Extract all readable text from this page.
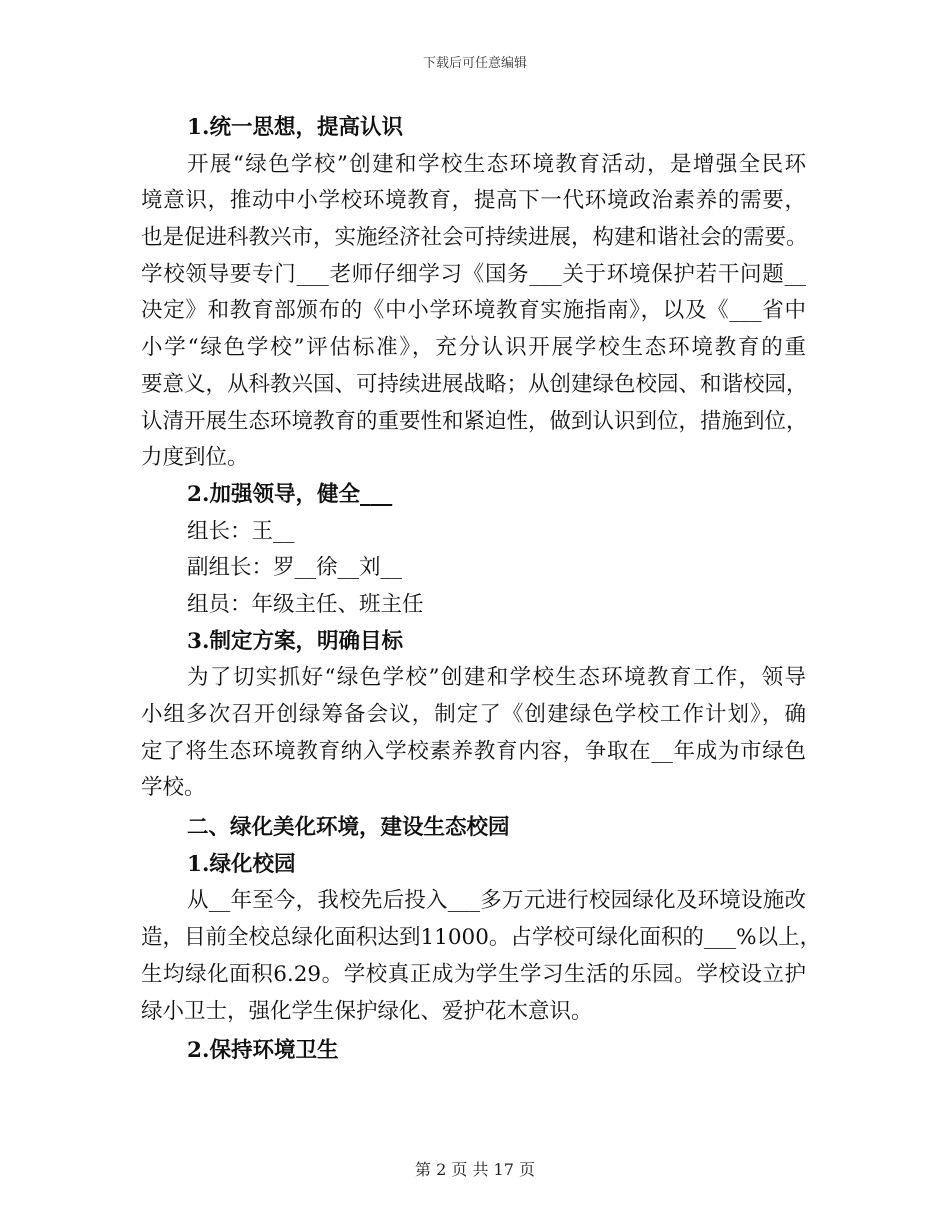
下载后可任意编辑
1.统一思想，提高认识
开展“绿色学校”创建和学校生态环境教育活动，是增强全民环
境意识，推动中小学校环境教育，提高下一代环境政治素养的需要，
也是促进科教兴市，实施经济社会可持续进展，构建和谐社会的需要。
学校领导要专门___老师仔细学习《国务___关于环境保护若干问题__
决定》和教育部颁布的《中小学环境教育实施指南》，以及《___省中
小学“绿色学校”评估标准》，充分认识开展学校生态环境教育的重
要意义，从科教兴国、可持续进展战略；从创建绿色校园、和谐校园，
认清开展生态环境教育的重要性和紧迫性，做到认识到位，措施到位，
力度到位。
2.加强领导，健全___
组长：王__
副组长：罗__徐__刘__
组员：年级主任、班主任
3.制定方案，明确目标
为了切实抓好“绿色学校”创建和学校生态环境教育工作，领导
小组多次召开创绿筹备会议，制定了《创建绿色学校工作计划》，确
定了将生态环境教育纳入学校素养教育内容，争取在__年成为市绿色
学校。
二、绿化美化环境，建设生态校园
1.绿化校园
从__年至今，我校先后投入___多万元进行校园绿化及环境设施改
造，目前全校总绿化面积达到11000。占学校可绿化面积的___%以上，
生均绿化面积6.29。学校真正成为学生学习生活的乐园。学校设立护
绿小卫士，强化学生保护绿化、爱护花木意识。
2.保持环境卫生
第 2 页 共 17 页
